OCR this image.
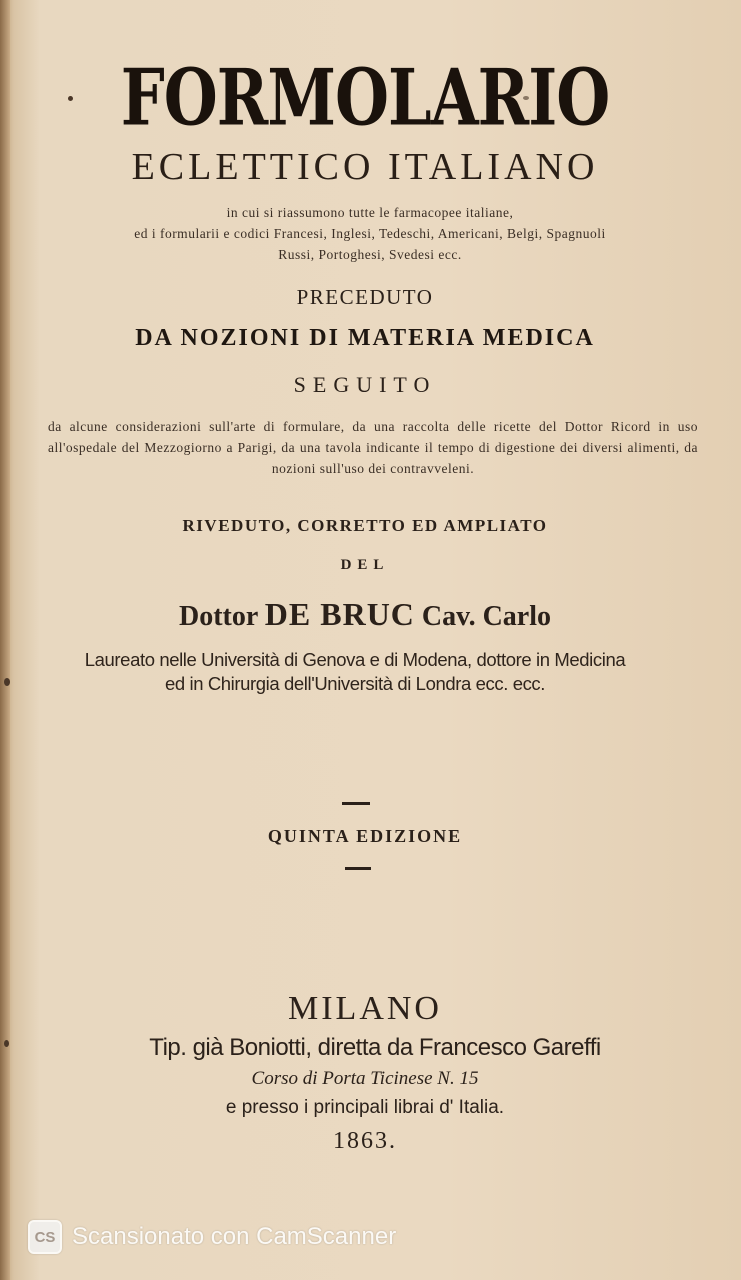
FORMOLARIO
ECLETTICO ITALIANO
in cui si riassumono tutte le farmacopee italiane,
ed i formularii e codici Francesi, Inglesi, Tedeschi, Americani, Belgi, Spagnuoli
Russi, Portoghesi, Svedesi ecc.
PRECEDUTO
DA NOZIONI DI MATERIA MEDICA
SEGUITO
da alcune considerazioni sull'arte di formulare, da una raccolta delle ricette del Dottor Ricord in uso all'ospedale del Mezzogiorno a Parigi, da una tavola indicante il tempo di digestione dei diversi alimenti, da nozioni sull'uso dei contravveleni.
RIVEDUTO, CORRETTO ED AMPLIATO
DEL
Dottor DE BRUC Cav. Carlo
Laureato nelle Università di Genova e di Modena, dottore in Medicina
ed in Chirurgia dell'Università di Londra ecc. ecc.
QUINTA EDIZIONE
MILANO
Tip. già Boniotti, diretta da Francesco Gareffi
Corso di Porta Ticinese N. 15
e presso i principali librai d' Italia.
1863.
CS Scansionato con CamScanner
